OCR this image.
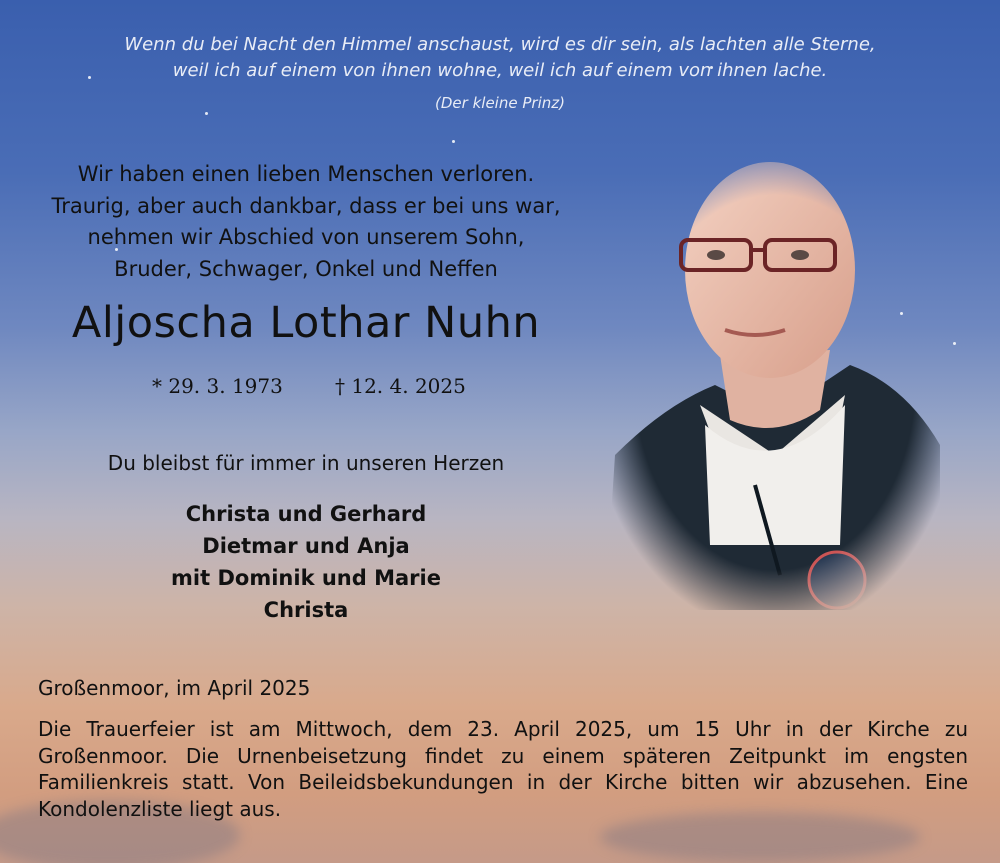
Wenn du bei Nacht den Himmel anschaust, wird es dir sein, als lachten alle Sterne,
weil ich auf einem von ihnen wohne, weil ich auf einem von ihnen lache.
(Der kleine Prinz)
Wir haben einen lieben Menschen verloren.
Traurig, aber auch dankbar, dass er bei uns war,
nehmen wir Abschied von unserem Sohn,
Bruder, Schwager, Onkel und Neffen
Aljoscha Lothar Nuhn
* 29. 3. 1973	† 12. 4. 2025
Du bleibst für immer in unseren Herzen
Christa und Gerhard
Dietmar und Anja
mit Dominik und Marie
Christa
Großenmoor, im April 2025
Die Trauerfeier ist am Mittwoch, dem 23. April 2025, um 15 Uhr in der Kirche zu Großenmoor. Die Urnenbeisetzung findet zu einem späteren Zeitpunkt im engsten Familienkreis statt. Von Beileidsbekundungen in der Kirche bitten wir abzusehen. Eine Kondolenzliste liegt aus.
